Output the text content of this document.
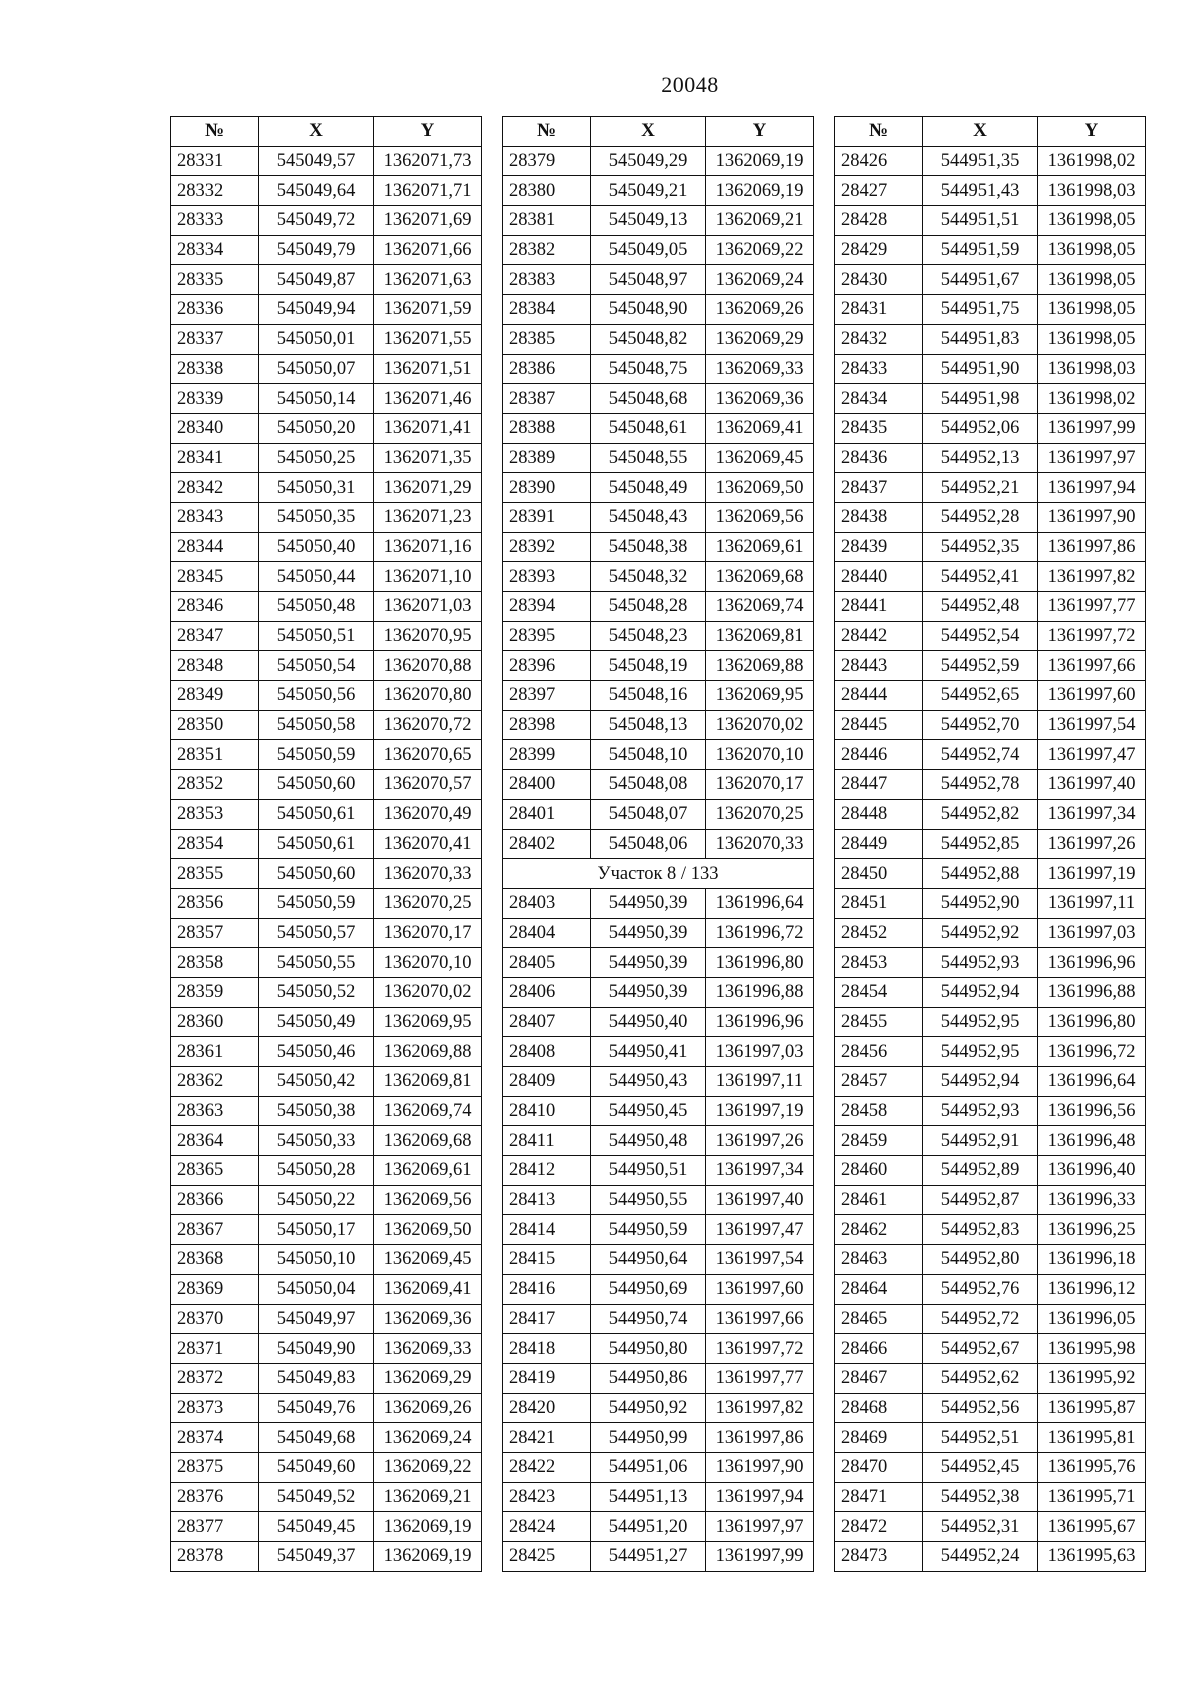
20048
№	X	Y
28331	545049,57	1362071,73
28332	545049,64	1362071,71
28333	545049,72	1362071,69
28334	545049,79	1362071,66
28335	545049,87	1362071,63
28336	545049,94	1362071,59
28337	545050,01	1362071,55
28338	545050,07	1362071,51
28339	545050,14	1362071,46
28340	545050,20	1362071,41
28341	545050,25	1362071,35
28342	545050,31	1362071,29
28343	545050,35	1362071,23
28344	545050,40	1362071,16
28345	545050,44	1362071,10
28346	545050,48	1362071,03
28347	545050,51	1362070,95
28348	545050,54	1362070,88
28349	545050,56	1362070,80
28350	545050,58	1362070,72
28351	545050,59	1362070,65
28352	545050,60	1362070,57
28353	545050,61	1362070,49
28354	545050,61	1362070,41
28355	545050,60	1362070,33
28356	545050,59	1362070,25
28357	545050,57	1362070,17
28358	545050,55	1362070,10
28359	545050,52	1362070,02
28360	545050,49	1362069,95
28361	545050,46	1362069,88
28362	545050,42	1362069,81
28363	545050,38	1362069,74
28364	545050,33	1362069,68
28365	545050,28	1362069,61
28366	545050,22	1362069,56
28367	545050,17	1362069,50
28368	545050,10	1362069,45
28369	545050,04	1362069,41
28370	545049,97	1362069,36
28371	545049,90	1362069,33
28372	545049,83	1362069,29
28373	545049,76	1362069,26
28374	545049,68	1362069,24
28375	545049,60	1362069,22
28376	545049,52	1362069,21
28377	545049,45	1362069,19
28378	545049,37	1362069,19
№	X	Y
28379	545049,29	1362069,19
28380	545049,21	1362069,19
28381	545049,13	1362069,21
28382	545049,05	1362069,22
28383	545048,97	1362069,24
28384	545048,90	1362069,26
28385	545048,82	1362069,29
28386	545048,75	1362069,33
28387	545048,68	1362069,36
28388	545048,61	1362069,41
28389	545048,55	1362069,45
28390	545048,49	1362069,50
28391	545048,43	1362069,56
28392	545048,38	1362069,61
28393	545048,32	1362069,68
28394	545048,28	1362069,74
28395	545048,23	1362069,81
28396	545048,19	1362069,88
28397	545048,16	1362069,95
28398	545048,13	1362070,02
28399	545048,10	1362070,10
28400	545048,08	1362070,17
28401	545048,07	1362070,25
28402	545048,06	1362070,33
Участок 8 / 133		
28403	544950,39	1361996,64
28404	544950,39	1361996,72
28405	544950,39	1361996,80
28406	544950,39	1361996,88
28407	544950,40	1361996,96
28408	544950,41	1361997,03
28409	544950,43	1361997,11
28410	544950,45	1361997,19
28411	544950,48	1361997,26
28412	544950,51	1361997,34
28413	544950,55	1361997,40
28414	544950,59	1361997,47
28415	544950,64	1361997,54
28416	544950,69	1361997,60
28417	544950,74	1361997,66
28418	544950,80	1361997,72
28419	544950,86	1361997,77
28420	544950,92	1361997,82
28421	544950,99	1361997,86
28422	544951,06	1361997,90
28423	544951,13	1361997,94
28424	544951,20	1361997,97
28425	544951,27	1361997,99
№	X	Y
28426	544951,35	1361998,02
28427	544951,43	1361998,03
28428	544951,51	1361998,05
28429	544951,59	1361998,05
28430	544951,67	1361998,05
28431	544951,75	1361998,05
28432	544951,83	1361998,05
28433	544951,90	1361998,03
28434	544951,98	1361998,02
28435	544952,06	1361997,99
28436	544952,13	1361997,97
28437	544952,21	1361997,94
28438	544952,28	1361997,90
28439	544952,35	1361997,86
28440	544952,41	1361997,82
28441	544952,48	1361997,77
28442	544952,54	1361997,72
28443	544952,59	1361997,66
28444	544952,65	1361997,60
28445	544952,70	1361997,54
28446	544952,74	1361997,47
28447	544952,78	1361997,40
28448	544952,82	1361997,34
28449	544952,85	1361997,26
28450	544952,88	1361997,19
28451	544952,90	1361997,11
28452	544952,92	1361997,03
28453	544952,93	1361996,96
28454	544952,94	1361996,88
28455	544952,95	1361996,80
28456	544952,95	1361996,72
28457	544952,94	1361996,64
28458	544952,93	1361996,56
28459	544952,91	1361996,48
28460	544952,89	1361996,40
28461	544952,87	1361996,33
28462	544952,83	1361996,25
28463	544952,80	1361996,18
28464	544952,76	1361996,12
28465	544952,72	1361996,05
28466	544952,67	1361995,98
28467	544952,62	1361995,92
28468	544952,56	1361995,87
28469	544952,51	1361995,81
28470	544952,45	1361995,76
28471	544952,38	1361995,71
28472	544952,31	1361995,67
28473	544952,24	1361995,63
